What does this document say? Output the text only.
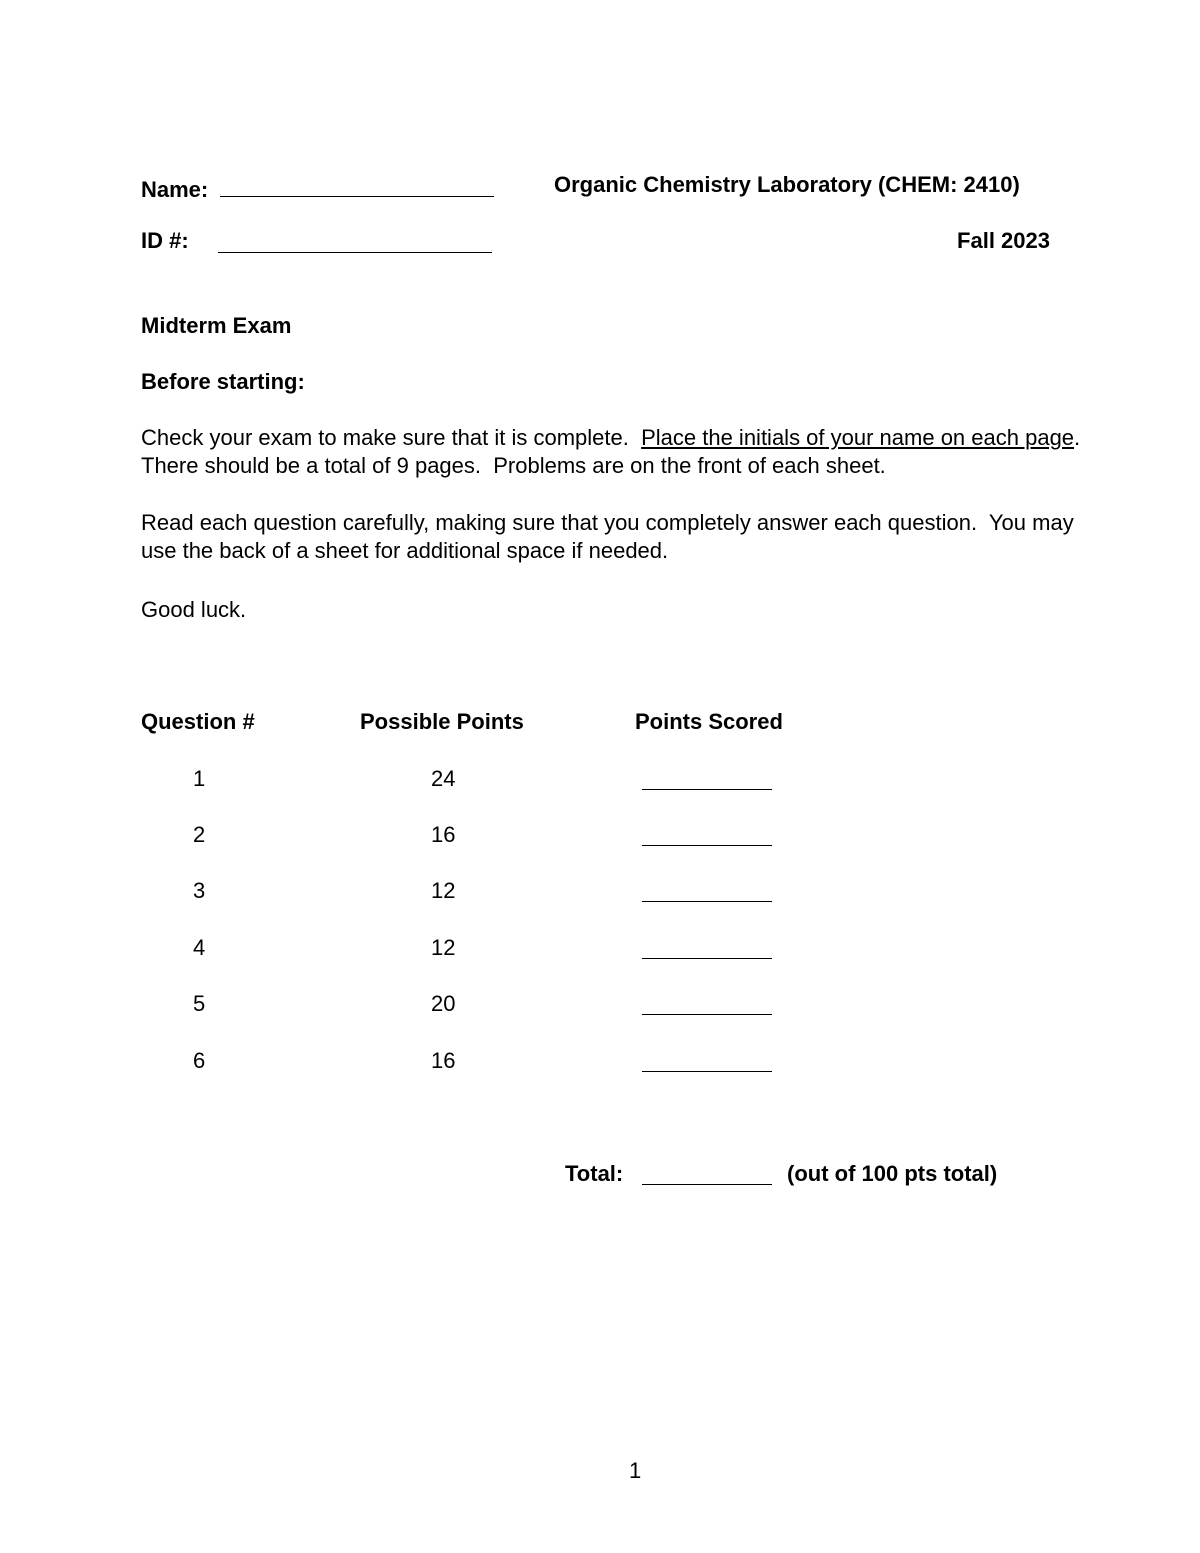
Name:	Organic Chemistry Laboratory (CHEM: 2410)
ID #:	Fall 2023
Midterm Exam
Before starting:
Check your exam to make sure that it is complete.  Place the initials of your name on each page.
There should be a total of 9 pages.  Problems are on the front of each sheet.
Read each question carefully, making sure that you completely answer each question.  You may
use the back of a sheet for additional space if needed.
Good luck.
Question #	Possible Points	Points Scored
1	24
2	16
3	12
4	12
5	20
6	16
Total:	(out of 100 pts total)
1
